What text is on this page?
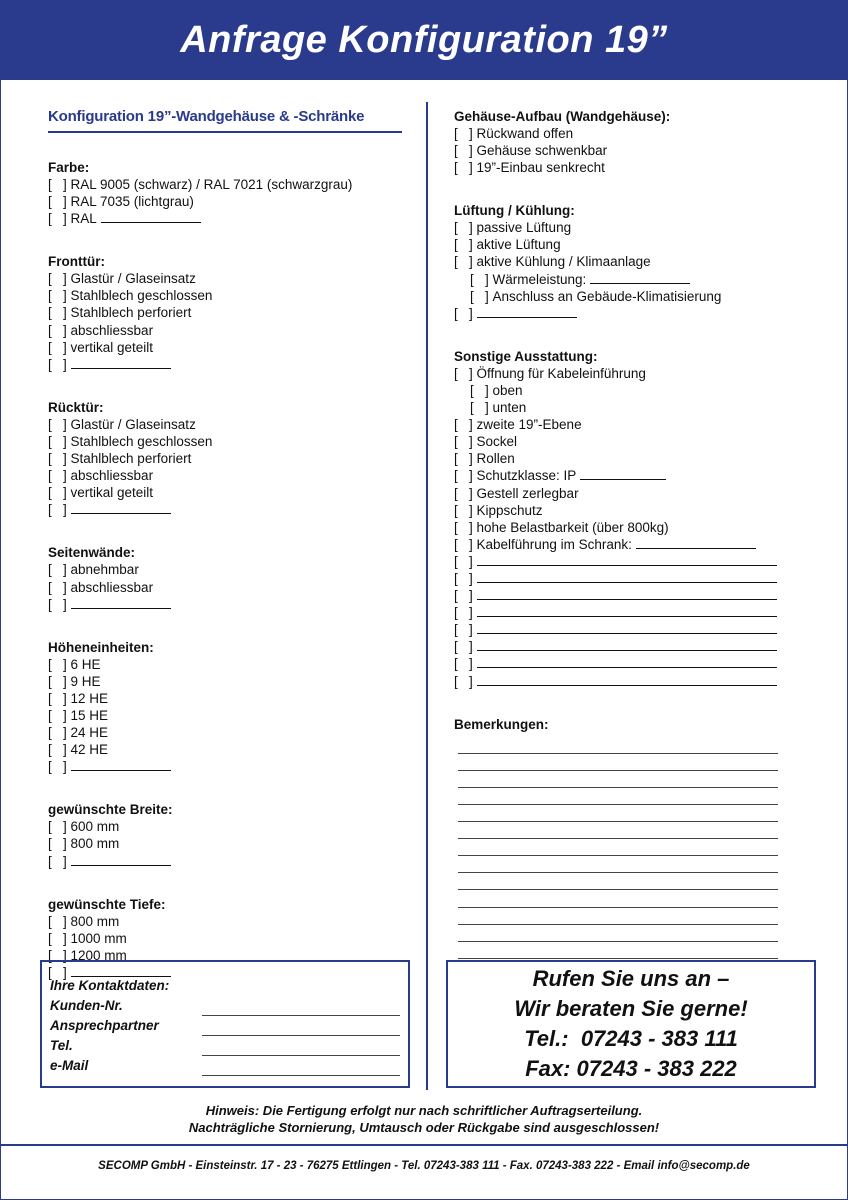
Anfrage Konfiguration 19”
Konfiguration 19”-Wandgehäuse & -Schränke
Farbe:
[   ] RAL 9005 (schwarz) / RAL 7021 (schwarzgrau)
[   ] RAL 7035 (lichtgrau)
[   ] RAL
Fronttür:
[   ] Glastür / Glaseinsatz
[   ] Stahlblech geschlossen
[   ] Stahlblech perforiert
[   ] abschliessbar
[   ] vertikal geteilt
[   ]
Rücktür:
[   ] Glastür / Glaseinsatz
[   ] Stahlblech geschlossen
[   ] Stahlblech perforiert
[   ] abschliessbar
[   ] vertikal geteilt
[   ]
Seitenwände:
[   ] abnehmbar
[   ] abschliessbar
[   ]
Höheneinheiten:
[   ] 6 HE
[   ] 9 HE
[   ] 12 HE
[   ] 15 HE
[   ] 24 HE
[   ] 42 HE
[   ]
gewünschte Breite:
[   ] 600 mm
[   ] 800 mm
[   ]
gewünschte Tiefe:
[   ] 800 mm
[   ] 1000 mm
[   ] 1200 mm
[   ]
Gehäuse-Aufbau (Wandgehäuse):
[   ] Rückwand offen
[   ] Gehäuse schwenkbar
[   ] 19”-Einbau senkrecht
Lüftung / Kühlung:
[   ] passive Lüftung
[   ] aktive Lüftung
[   ] aktive Kühlung / Klimaanlage
[   ] Wärmeleistung:
[   ] Anschluss an Gebäude-Klimatisierung
[   ]
Sonstige Ausstattung:
[   ] Öffnung für Kabeleinführung
[   ] oben
[   ] unten
[   ] zweite 19”-Ebene
[   ] Sockel
[   ] Rollen
[   ] Schutzklasse: IP
[   ] Gestell zerlegbar
[   ] Kippschutz
[   ] hohe Belastbarkeit (über 800kg)
[   ] Kabelführung im Schrank:
[   ]
[   ]
[   ]
[   ]
[   ]
[   ]
[   ]
[   ]
Bemerkungen:
Ihre Kontaktdaten:
Kunden-Nr.
Ansprechpartner
Tel.
e-Mail
Rufen Sie uns an –
Wir beraten Sie gerne!
Tel.:  07243 - 383 111
Fax: 07243 - 383 222
Hinweis: Die Fertigung erfolgt nur nach schriftlicher Auftragserteilung.
Nachträgliche Stornierung, Umtausch oder Rückgabe sind ausgeschlossen!
SECOMP GmbH - Einsteinstr. 17 - 23 - 76275 Ettlingen - Tel. 07243-383 111 - Fax. 07243-383 222 - Email info@secomp.de
